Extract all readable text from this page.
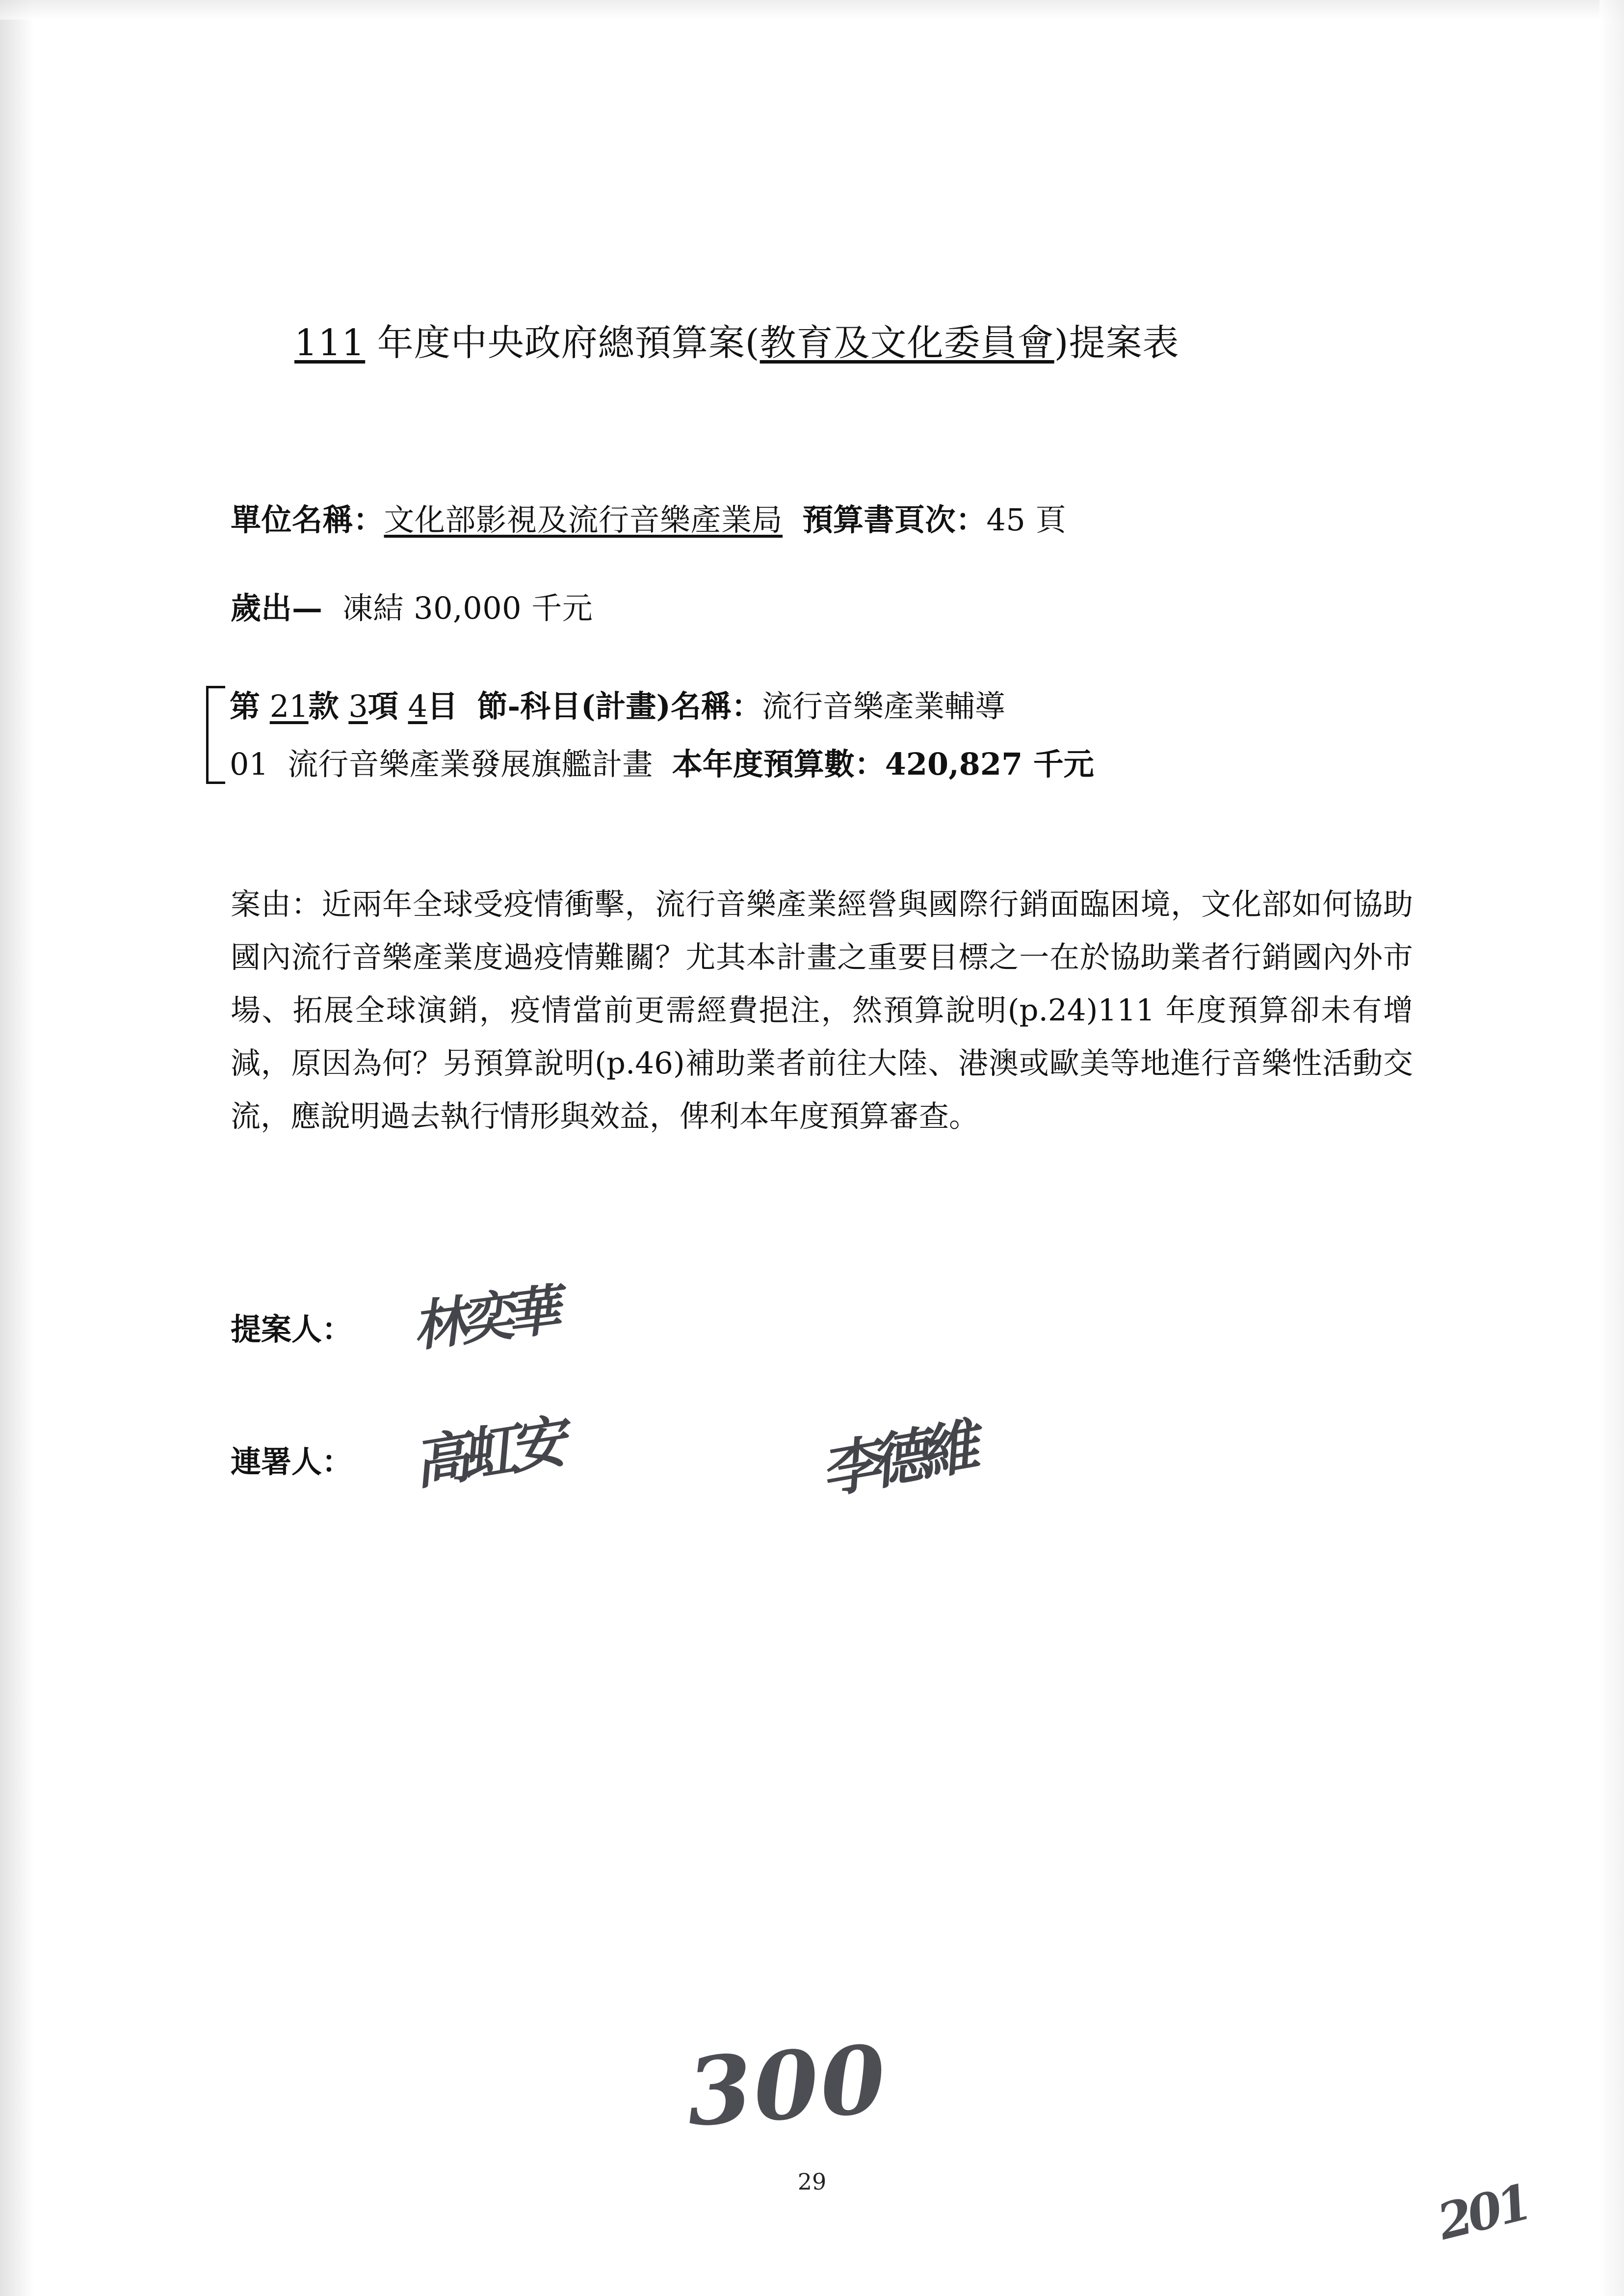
111 年度中央政府總預算案(教育及文化委員會)提案表
單位名稱：文化部影視及流行音樂產業局 預算書頁次：45 頁
歲出— 凍結 30,000 千元
第 21款 3項 4目 節-科目(計畫)名稱：流行音樂產業輔導
01 流行音樂產業發展旗艦計畫 本年度預算數：420,827 千元
案由：近兩年全球受疫情衝擊，流行音樂產業經營與國際行銷面臨困境，文化部如何協助國內流行音樂產業度過疫情難關？尤其本計畫之重要目標之一在於協助業者行銷國內外市場、拓展全球演銷，疫情當前更需經費挹注，然預算說明(p.24)111 年度預算卻未有增減，原因為何？另預算說明(p.46)補助業者前往大陸、港澳或歐美等地進行音樂性活動交流，應說明過去執行情形與效益，俾利本年度預算審查。
提案人： 林奕華
連署人： 高虹安	李德維
300
29	201
